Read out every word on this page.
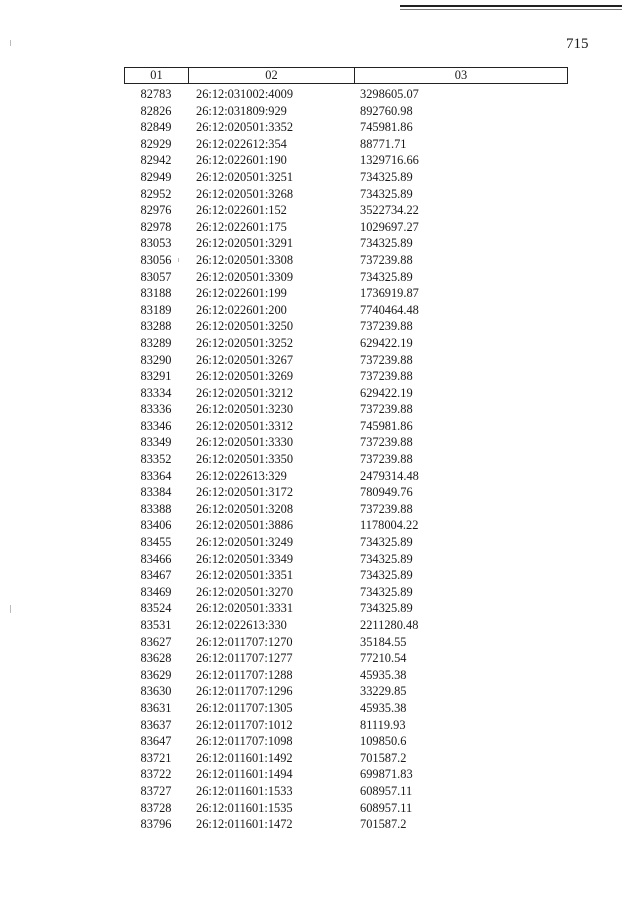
715
01	02	03
82783	26:12:031002:4009	3298605.07
82826	26:12:031809:929	892760.98
82849	26:12:020501:3352	745981.86
82929	26:12:022612:354	88771.71
82942	26:12:022601:190	1329716.66
82949	26:12:020501:3251	734325.89
82952	26:12:020501:3268	734325.89
82976	26:12:022601:152	3522734.22
82978	26:12:022601:175	1029697.27
83053	26:12:020501:3291	734325.89
83056	26:12:020501:3308	737239.88
83057	26:12:020501:3309	734325.89
83188	26:12:022601:199	1736919.87
83189	26:12:022601:200	7740464.48
83288	26:12:020501:3250	737239.88
83289	26:12:020501:3252	629422.19
83290	26:12:020501:3267	737239.88
83291	26:12:020501:3269	737239.88
83334	26:12:020501:3212	629422.19
83336	26:12:020501:3230	737239.88
83346	26:12:020501:3312	745981.86
83349	26:12:020501:3330	737239.88
83352	26:12:020501:3350	737239.88
83364	26:12:022613:329	2479314.48
83384	26:12:020501:3172	780949.76
83388	26:12:020501:3208	737239.88
83406	26:12:020501:3886	1178004.22
83455	26:12:020501:3249	734325.89
83466	26:12:020501:3349	734325.89
83467	26:12:020501:3351	734325.89
83469	26:12:020501:3270	734325.89
83524	26:12:020501:3331	734325.89
83531	26:12:022613:330	2211280.48
83627	26:12:011707:1270	35184.55
83628	26:12:011707:1277	77210.54
83629	26:12:011707:1288	45935.38
83630	26:12:011707:1296	33229.85
83631	26:12:011707:1305	45935.38
83637	26:12:011707:1012	81119.93
83647	26:12:011707:1098	109850.6
83721	26:12:011601:1492	701587.2
83722	26:12:011601:1494	699871.83
83727	26:12:011601:1533	608957.11
83728	26:12:011601:1535	608957.11
83796	26:12:011601:1472	701587.2
